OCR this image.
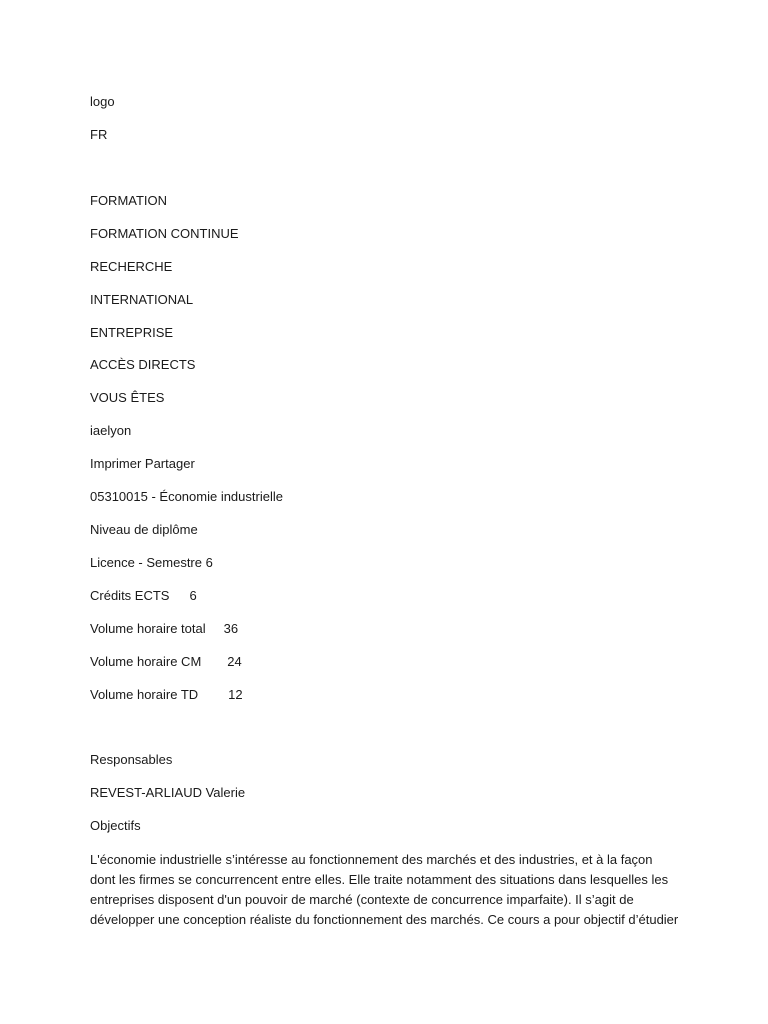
logo
FR
FORMATION
FORMATION CONTINUE
RECHERCHE
INTERNATIONAL
ENTREPRISE
ACCÈS DIRECTS
VOUS ÊTES
iaelyon
Imprimer Partager
05310015 - Économie industrielle
Niveau de diplôme
Licence - Semestre 6
Crédits ECTS 6
Volume horaire total 36
Volume horaire CM 24
Volume horaire TD 12
Responsables
REVEST-ARLIAUD Valerie
Objectifs
L'économie industrielle s’intéresse au fonctionnement des marchés et des industries, et à la façon dont les firmes se concurrencent entre elles. Elle traite notamment des situations dans lesquelles les entreprises disposent d'un pouvoir de marché (contexte de concurrence imparfaite). Il s’agit de développer une conception réaliste du fonctionnement des marchés. Ce cours a pour objectif d’étudier
